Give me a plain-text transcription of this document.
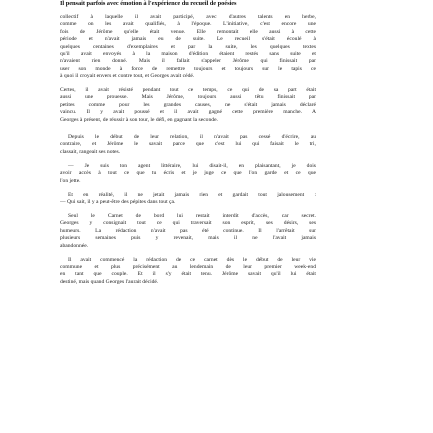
Il pensait parfois avec émotion à l'expérience du recueil de poésies
collectif à laquelle il avait participé, avec d'autres talents en herbe,
comme on les avait qualifiés, à l'époque. L'initiative, c'est encore une
fois de Jérôme qu'elle était venue. Elle remontait elle aussi à cette
période et n'avait jamais eu de suite. Le recueil s'était écoulé à
quelques centaines d'exemplaires et par la suite, les quelques textes
qu'il avait envoyés à la maison d'édition étaient restés sans suite et
n'avaient rien donné. Mais il fallait s'appeler Jérôme qui finissait par
user son monde à force de remettre toujours et toujours sur le tapis ce
à quoi il croyait envers et contre tout, et Georges avait cédé.
Certes, il avait résisté pendant tout ce temps, ce qui de sa part était
aussi une prouesse. Mais Jérôme, toujours aussi têtu finissait par
petites comme pour les grandes causes, ne s'était jamais déclaré
vaincu. Il y avait poussé et il avait gagné cette première manche. A
Georges à présent, de réussir à son tour, le défi, en gagnant la seconde.
Depuis le début de leur relation, il n'avait pas cessé d'écrire, au
contraire, et Jérôme le savait parce que c'est lui qui faisait le tri,
classait, rangeait ses notes.
— Je suis ton agent littéraire, lui disait-il, en plaisantant, je dois
avoir accès à tout ce que tu écris et je juge ce que l'on garde et ce que
l'on jette.
Et en réalité, il ne jetait jamais rien et gardait tout jalousement :
— Qui sait, il y a peut-être des pépites dans tout ça.
Seul le Carnet de bord lui restait interdit d'accès, car secret.
Georges y consignait tout ce qui traversait son esprit, ses désirs, ses
humeurs. La rédaction n'avait pas été continue. Il l'arrêtait sur
plusieurs semaines puis y revenait, mais il ne l'avait jamais
abandonnée.
Il avait commencé la rédaction de ce carnet dès le début de leur vie
commune et plus précisément au lendemain de leur premier week-end
en tant que couple. Et il s'y était tenu. Jérôme savait qu'il lui était
destiné, mais quand Georges l'aurait décidé.
